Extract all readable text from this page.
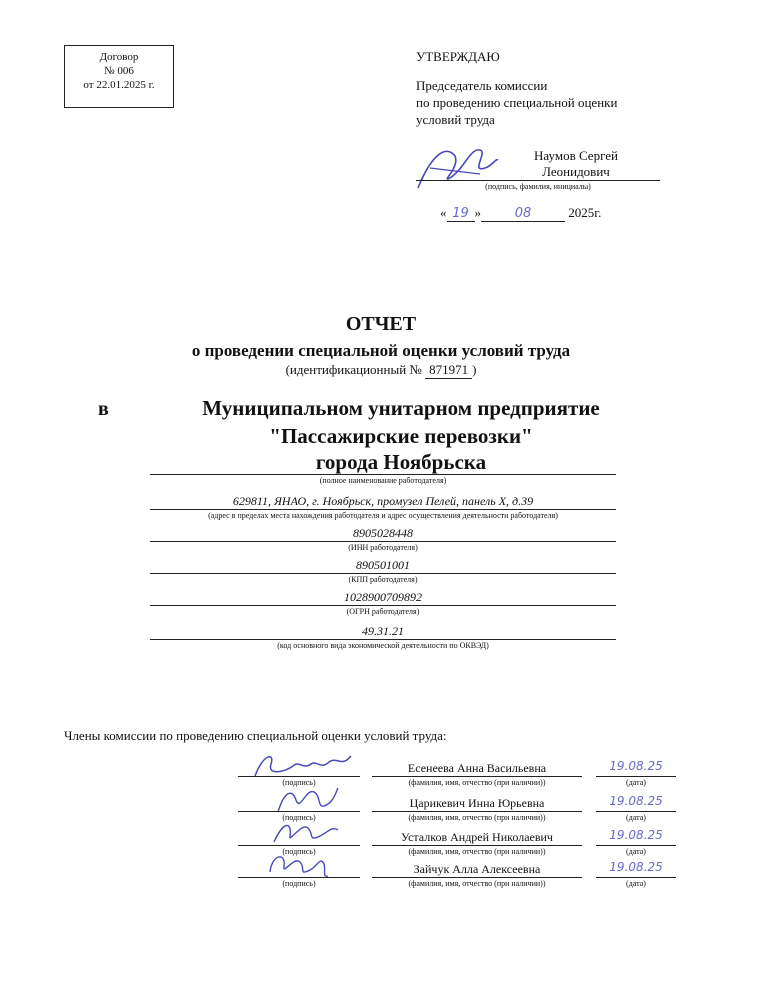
Договор
№ 006
от 22.01.2025 г.
УТВЕРЖДАЮ
Председатель комиссии
по проведению специальной оценки
условий труда
Наумов Сергей
Леонидович
(подпись, фамилия, инициалы)
« 19 »	08	2025г.
ОТЧЕТ
о проведении специальной оценки условий труда
(идентификационный № 871971 )
в	Муниципальном унитарном предприятие
"Пассажирские перевозки"
города Ноябрьска
(полное наименование работодателя)
629811, ЯНАО, г. Ноябрьск, промузел Пелей, панель Х, д.39
(адрес в пределах места нахождения работодателя и адрес осуществления деятельности работодателя)
8905028448
(ИНН работодателя)
890501001
(КПП работодателя)
1028900709892
(ОГРН работодателя)
49.31.21
(код основного вида экономической деятельности по ОКВЭД)
Члены комиссии по проведению специальной оценки условий труда:
(подпись)
Есенеева Анна Васильевна
(фамилия, имя, отчество (при наличии))
19.08.25
(дата)
(подпись)
Царикевич Инна Юрьевна
(фамилия, имя, отчество (при наличии))
19.08.25
(дата)
(подпись)
Усталков Андрей Николаевич
(фамилия, имя, отчество (при наличии))
19.08.25
(дата)
(подпись)
Зайчук Алла Алексеевна
(фамилия, имя, отчество (при наличии))
19.08.25
(дата)
